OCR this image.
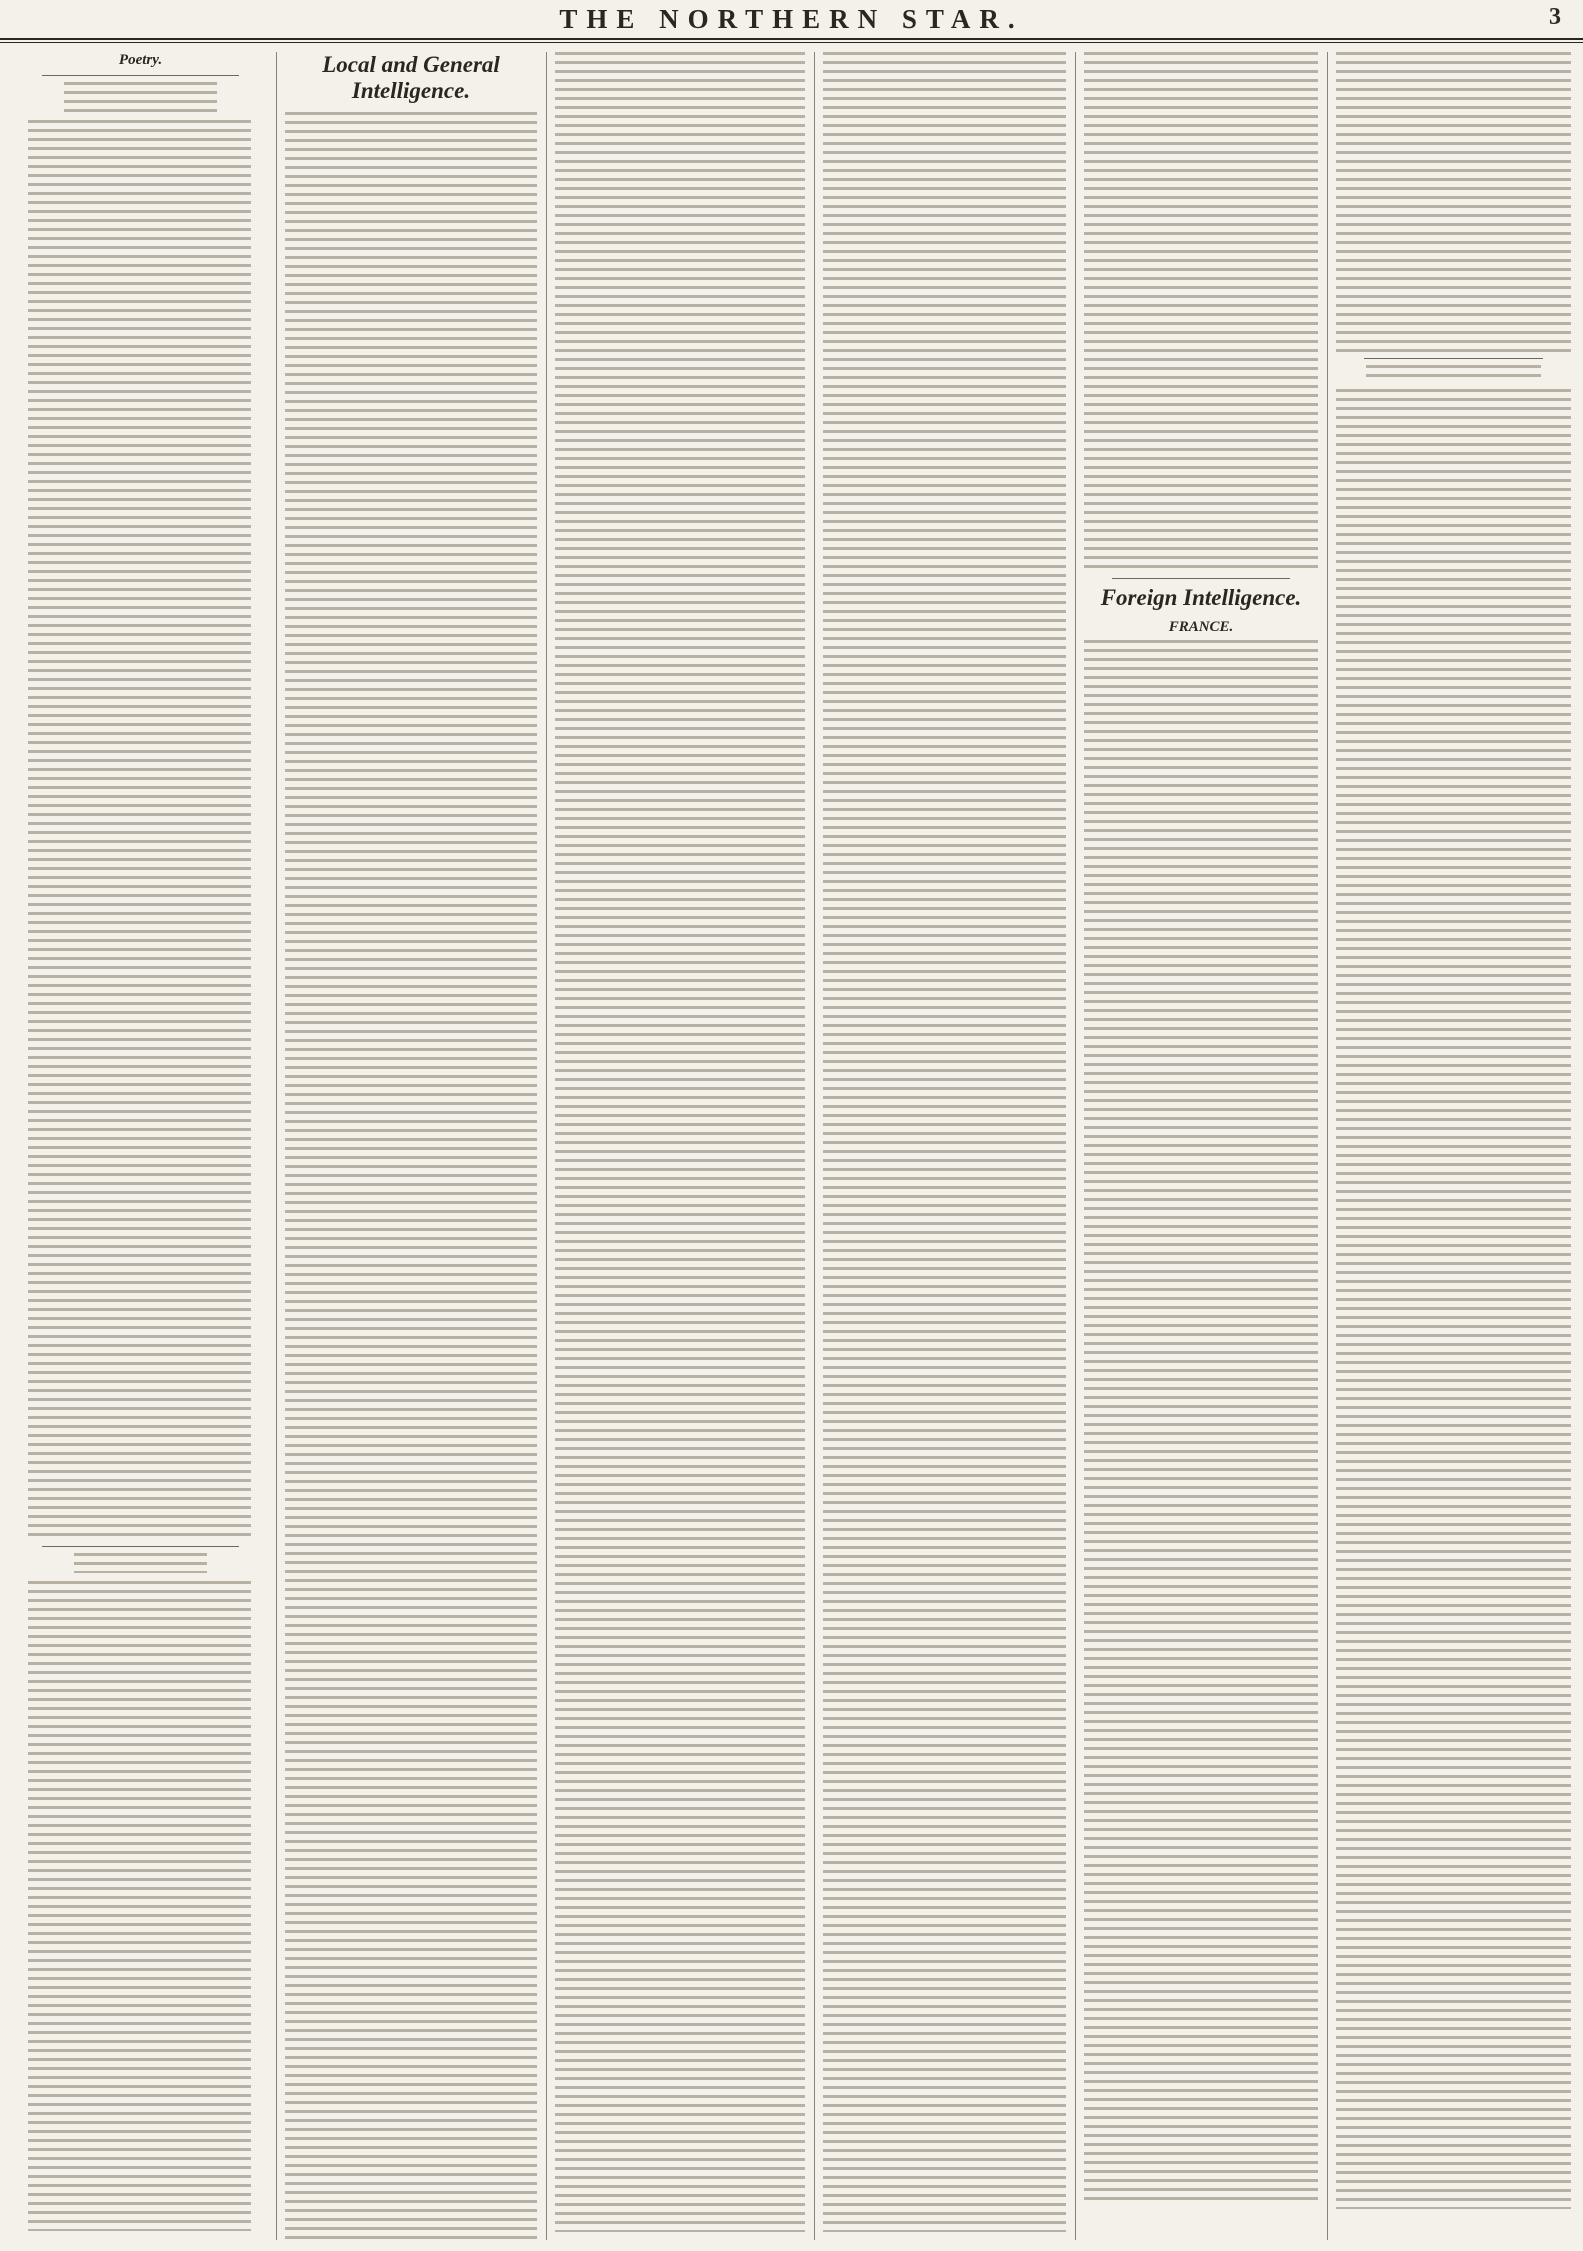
THE NORTHERN STAR.	3
Poetry.	Local and General Intelligence.
Foreign Intelligence.
FRANCE.
